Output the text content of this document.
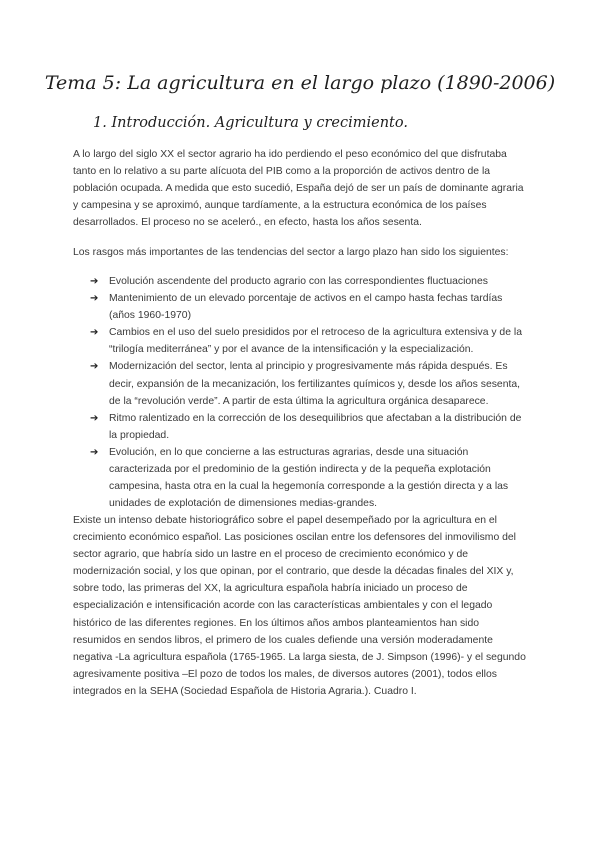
Tema 5: La agricultura en el largo plazo (1890-2006)
1. Introducción. Agricultura y crecimiento.

A lo largo del siglo XX el sector agrario ha ido perdiendo el peso económico del que disfrutaba tanto en lo relativo a su parte alícuota del PIB como a la proporción de activos dentro de la población ocupada. A medida que esto sucedió, España dejó de ser un país de dominante agraria y campesina y se aproximó, aunque tardíamente, a la estructura económica de los países desarrollados. El proceso no se aceleró., en efecto, hasta los años sesenta.

Los rasgos más importantes de las tendencias del sector a largo plazo han sido los siguientes:

➔ Evolución ascendente del producto agrario con las correspondientes fluctuaciones
➔ Mantenimiento de un elevado porcentaje de activos en el campo hasta fechas tardías (años 1960-1970)
➔ Cambios en el uso del suelo presididos por el retroceso de la agricultura extensiva y de la “trilogía mediterránea” y por el avance de la intensificación y la especialización.
➔ Modernización del sector, lenta al principio y progresivamente más rápida después. Es decir, expansión de la mecanización, los fertilizantes químicos y, desde los años sesenta, de la “revolución verde”. A partir de esta última la agricultura orgánica desaparece.
➔ Ritmo ralentizado en la corrección de los desequilibrios que afectaban a la distribución de la propiedad.
➔ Evolución, en lo que concierne a las estructuras agrarias, desde una situación caracterizada por el predominio de la gestión indirecta y de la pequeña explotación campesina, hasta otra en la cual la hegemonía corresponde a la gestión directa y a las unidades de explotación de dimensiones medias-grandes.

Existe un intenso debate historiográfico sobre el papel desempeñado por la agricultura en el crecimiento económico español. Las posiciones oscilan entre los defensores del inmovilismo del sector agrario, que habría sido un lastre en el proceso de crecimiento económico y de modernización social, y los que opinan, por el contrario, que desde la décadas finales del XIX y, sobre todo, las primeras del XX, la agricultura española habría iniciado un proceso de especialización e intensificación acorde con las características ambientales y con el legado histórico de las diferentes regiones. En los últimos años ambos planteamientos han sido resumidos en sendos libros, el primero de los cuales defiende una versión moderadamente negativa -La agricultura española (1765-1965. La larga siesta, de J. Simpson (1996)- y el segundo agresivamente positiva –El pozo de todos los males, de diversos autores (2001), todos ellos integrados en la SEHA (Sociedad Española de Historia Agraria.). Cuadro I.
